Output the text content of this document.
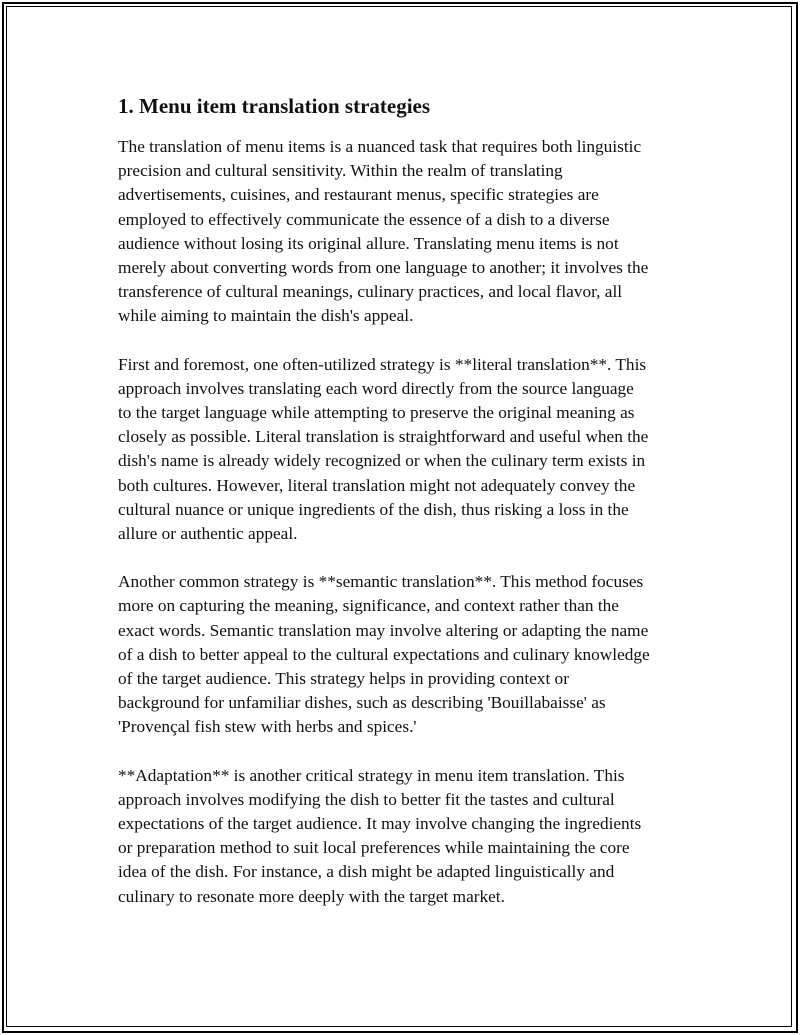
1. Menu item translation strategies
The translation of menu items is a nuanced task that requires both linguistic
precision and cultural sensitivity. Within the realm of translating
advertisements, cuisines, and restaurant menus, specific strategies are
employed to effectively communicate the essence of a dish to a diverse
audience without losing its original allure. Translating menu items is not
merely about converting words from one language to another; it involves the
transference of cultural meanings, culinary practices, and local flavor, all
while aiming to maintain the dish's appeal.
First and foremost, one often-utilized strategy is **literal translation**. This
approach involves translating each word directly from the source language
to the target language while attempting to preserve the original meaning as
closely as possible. Literal translation is straightforward and useful when the
dish's name is already widely recognized or when the culinary term exists in
both cultures. However, literal translation might not adequately convey the
cultural nuance or unique ingredients of the dish, thus risking a loss in the
allure or authentic appeal.
Another common strategy is **semantic translation**. This method focuses
more on capturing the meaning, significance, and context rather than the
exact words. Semantic translation may involve altering or adapting the name
of a dish to better appeal to the cultural expectations and culinary knowledge
of the target audience. This strategy helps in providing context or
background for unfamiliar dishes, such as describing 'Bouillabaisse' as
'Provençal fish stew with herbs and spices.'
**Adaptation** is another critical strategy in menu item translation. This
approach involves modifying the dish to better fit the tastes and cultural
expectations of the target audience. It may involve changing the ingredients
or preparation method to suit local preferences while maintaining the core
idea of the dish. For instance, a dish might be adapted linguistically and
culinary to resonate more deeply with the target market.
